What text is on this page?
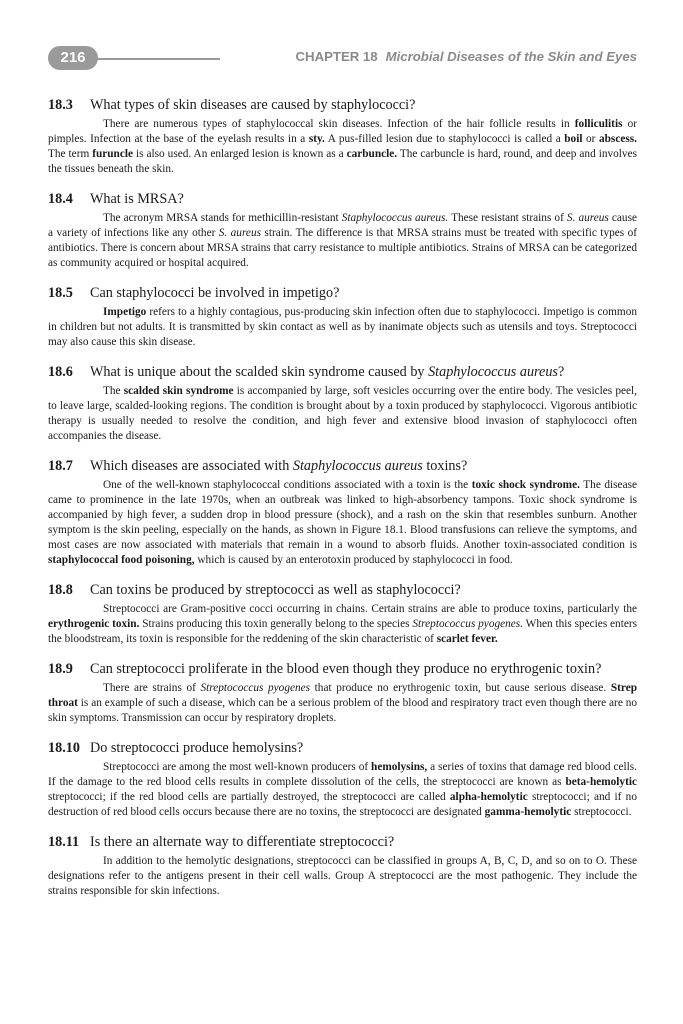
216	CHAPTER 18 Microbial Diseases of the Skin and Eyes
18.3	What types of skin diseases are caused by staphylococci?

There are numerous types of staphylococcal skin diseases. Infection of the hair follicle results in folliculitis or pimples. Infection at the base of the eyelash results in a sty. A pus-filled lesion due to staphylococci is called a boil or abscess. The term furuncle is also used. An enlarged lesion is known as a carbuncle. The carbuncle is hard, round, and deep and involves the tissues beneath the skin.

18.4	What is MRSA?

The acronym MRSA stands for methicillin-resistant Staphylococcus aureus. These resistant strains of S. aureus cause a variety of infections like any other S. aureus strain. The difference is that MRSA strains must be treated with specific types of antibiotics. There is concern about MRSA strains that carry resistance to multiple antibiotics. Strains of MRSA can be categorized as community acquired or hospital acquired.

18.5	Can staphylococci be involved in impetigo?

Impetigo refers to a highly contagious, pus-producing skin infection often due to staphylococci. Impetigo is common in children but not adults. It is transmitted by skin contact as well as by inanimate objects such as utensils and toys. Streptococci may also cause this skin disease.

18.6	What is unique about the scalded skin syndrome caused by Staphylococcus aureus?

The scalded skin syndrome is accompanied by large, soft vesicles occurring over the entire body. The vesicles peel, to leave large, scalded-looking regions. The condition is brought about by a toxin produced by staphylococci. Vigorous antibiotic therapy is usually needed to resolve the condition, and high fever and extensive blood invasion of staphylococci often accompanies the disease.

18.7	Which diseases are associated with Staphylococcus aureus toxins?

One of the well-known staphylococcal conditions associated with a toxin is the toxic shock syndrome. The disease came to prominence in the late 1970s, when an outbreak was linked to high-absorbency tampons. Toxic shock syndrome is accompanied by high fever, a sudden drop in blood pressure (shock), and a rash on the skin that resembles sunburn. Another symptom is the skin peeling, especially on the hands, as shown in Figure 18.1. Blood transfusions can relieve the symptoms, and most cases are now associated with materials that remain in a wound to absorb fluids. Another toxin-associated condition is staphylococcal food poisoning, which is caused by an enterotoxin produced by staphylococci in food.

18.8	Can toxins be produced by streptococci as well as staphylococci?

Streptococci are Gram-positive cocci occurring in chains. Certain strains are able to produce toxins, particularly the erythrogenic toxin. Strains producing this toxin generally belong to the species Streptococcus pyogenes. When this species enters the bloodstream, its toxin is responsible for the reddening of the skin characteristic of scarlet fever.

18.9	Can streptococci proliferate in the blood even though they produce no erythrogenic toxin?

There are strains of Streptococcus pyogenes that produce no erythrogenic toxin, but cause serious disease. Strep throat is an example of such a disease, which can be a serious problem of the blood and respiratory tract even though there are no skin symptoms. Transmission can occur by respiratory droplets.

18.10 Do streptococci produce hemolysins?

Streptococci are among the most well-known producers of hemolysins, a series of toxins that damage red blood cells. If the damage to the red blood cells results in complete dissolution of the cells, the streptococci are known as beta-hemolytic streptococci; if the red blood cells are partially destroyed, the streptococci are called alpha-hemolytic streptococci; and if no destruction of red blood cells occurs because there are no toxins, the streptococci are designated gamma-hemolytic streptococci.

18.11 Is there an alternate way to differentiate streptococci?

In addition to the hemolytic designations, streptococci can be classified in groups A, B, C, D, and so on to O. These designations refer to the antigens present in their cell walls. Group A streptococci are the most pathogenic. They include the strains responsible for skin infections.
